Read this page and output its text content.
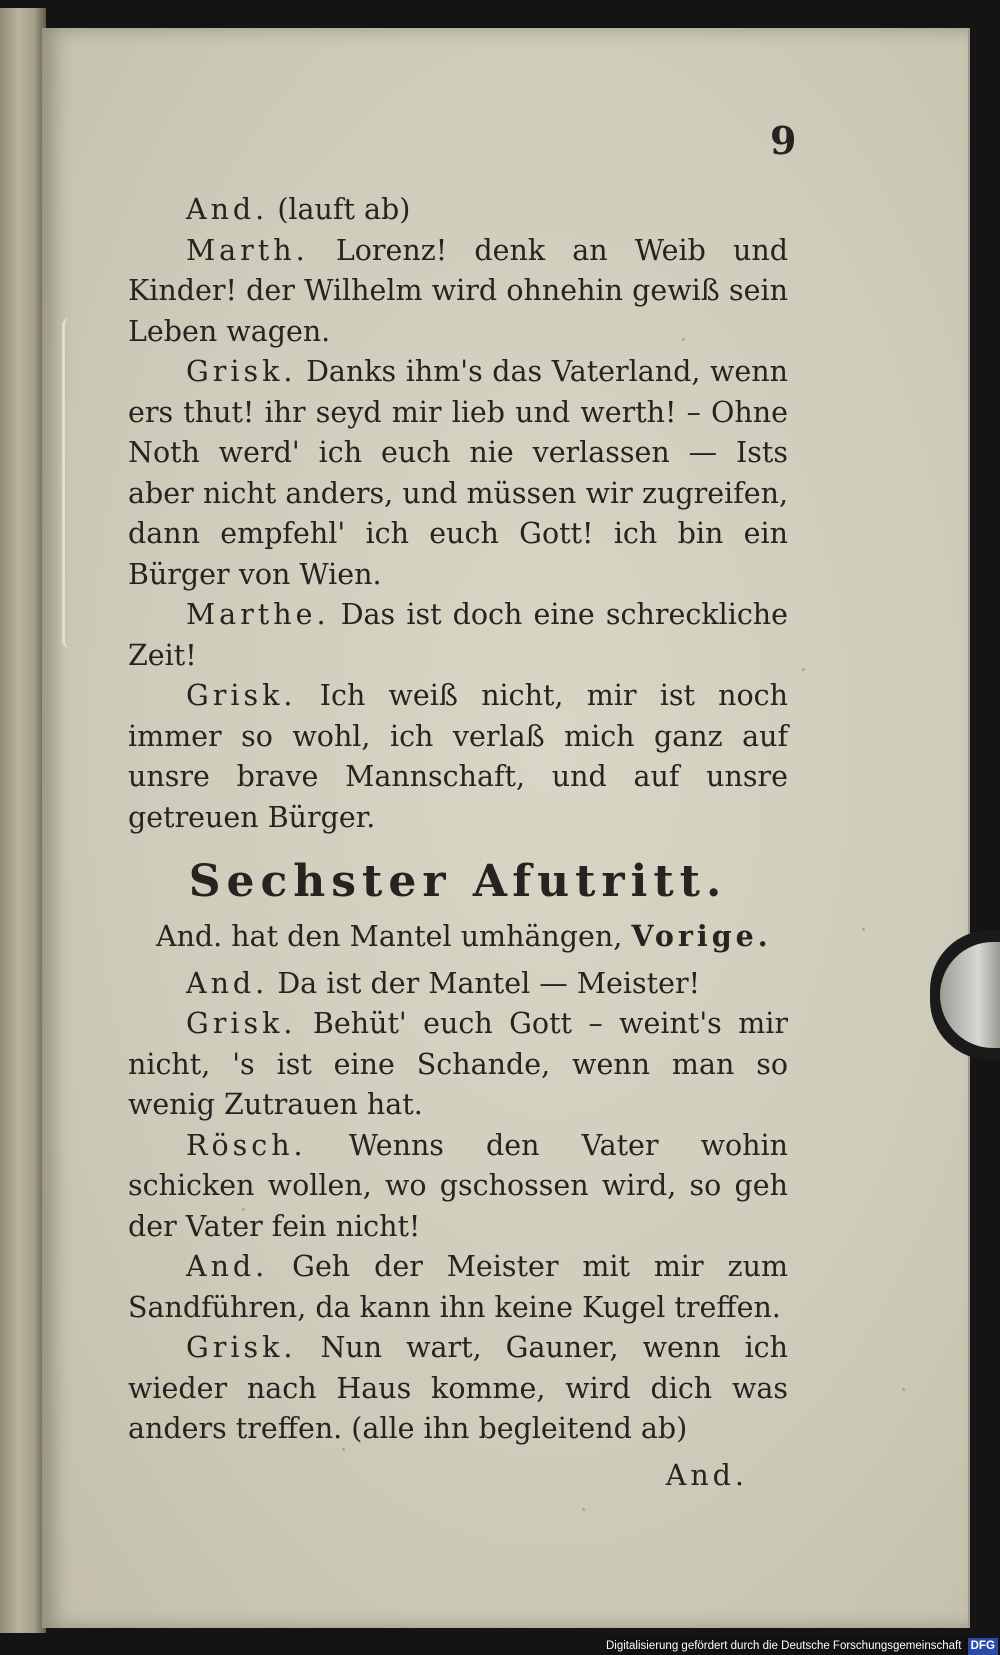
9

And. (lauft ab)

Marth. Lorenz! denk an Weib und Kinder! der Wilhelm wird ohnehin gewiß sein Leben wagen.

Grisk. Danks ihm's das Vaterland, wenn ers thut! ihr seyd mir lieb und werth! – Ohne Noth werd' ich euch nie verlassen — Ists aber nicht anders, und müssen wir zugreifen, dann empfehl' ich euch Gott! ich bin ein Bürger von Wien.

Marthe. Das ist doch eine schreckliche Zeit!

Grisk. Ich weiß nicht, mir ist noch immer so wohl, ich verlaß mich ganz auf unsre brave Mannschaft, und auf unsre getreuen Bürger.

Sechster Afutritt.

And. hat den Mantel umhängen, Vorige.

And. Da ist der Mantel — Meister!

Grisk. Behüt' euch Gott – weint's mir nicht, 's ist eine Schande, wenn man so wenig Zutrauen hat.

Rösch. Wenns den Vater wohin schicken wollen, wo gschossen wird, so geh der Vater fein nicht!

And. Geh der Meister mit mir zum Sandführen, da kann ihn keine Kugel treffen.

Grisk. Nun wart, Gauner, wenn ich wieder nach Haus komme, wird dich was anders treffen. (alle ihn begleitend ab)

And.

Digitalisierung gefördert durch die Deutsche Forschungsgemeinschaft DFG
